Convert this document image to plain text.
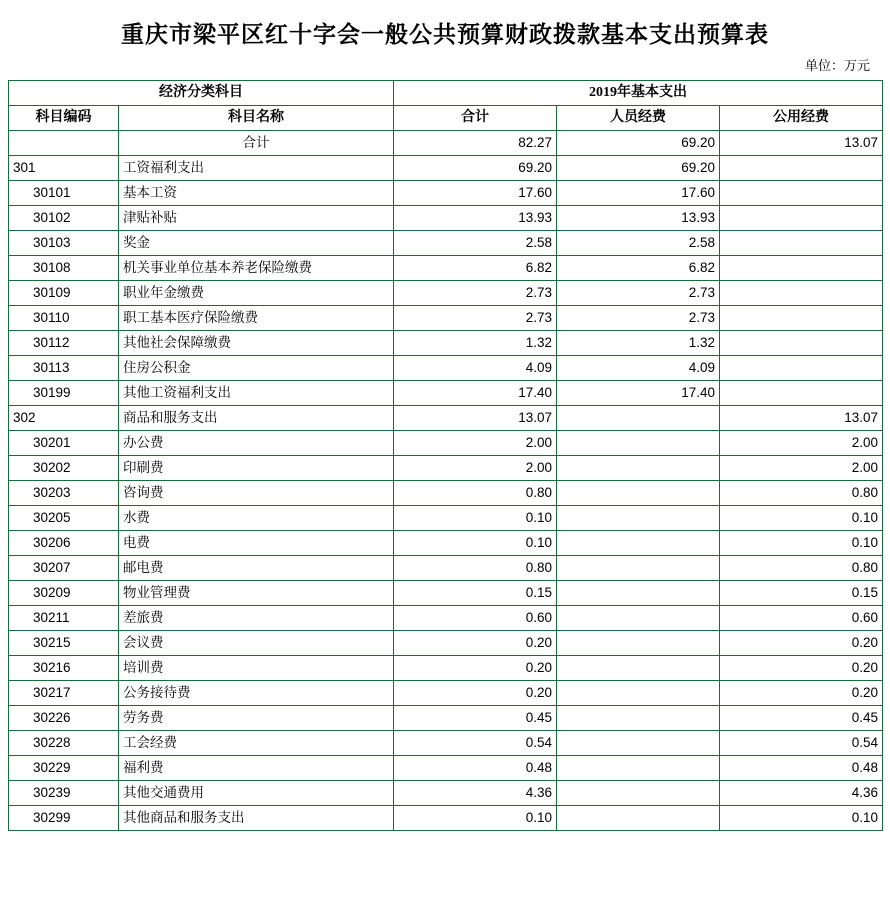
重庆市梁平区红十字会一般公共预算财政拨款基本支出预算表
单位：万元
经济分类科目		2019年基本支出		
科目编码	科目名称	合计	人员经费	公用经费
	合计	82.27	69.20	13.07
301	工资福利支出	69.20	69.20	
30101	基本工资	17.60	17.60	
30102	津贴补贴	13.93	13.93	
30103	奖金	2.58	2.58	
30108	机关事业单位基本养老保险缴费	6.82	6.82	
30109	职业年金缴费	2.73	2.73	
30110	职工基本医疗保险缴费	2.73	2.73	
30112	其他社会保障缴费	1.32	1.32	
30113	住房公积金	4.09	4.09	
30199	其他工资福利支出	17.40	17.40	
302	商品和服务支出	13.07		13.07
30201	办公费	2.00		2.00
30202	印刷费	2.00		2.00
30203	咨询费	0.80		0.80
30205	水费	0.10		0.10
30206	电费	0.10		0.10
30207	邮电费	0.80		0.80
30209	物业管理费	0.15		0.15
30211	差旅费	0.60		0.60
30215	会议费	0.20		0.20
30216	培训费	0.20		0.20
30217	公务接待费	0.20		0.20
30226	劳务费	0.45		0.45
30228	工会经费	0.54		0.54
30229	福利费	0.48		0.48
30239	其他交通费用	4.36		4.36
30299	其他商品和服务支出	0.10		0.10
